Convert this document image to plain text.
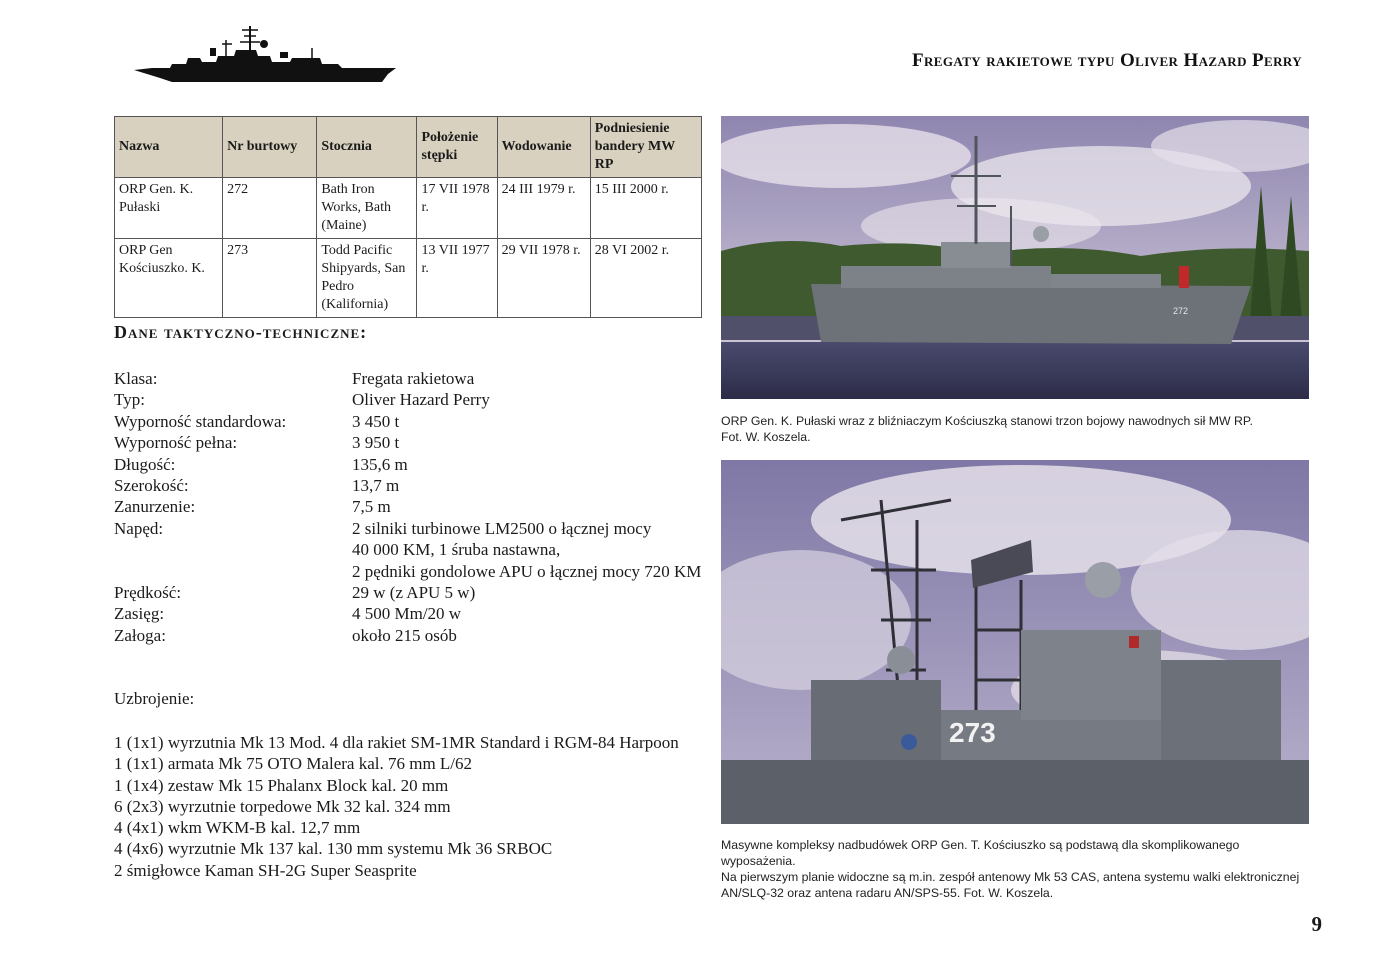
Fregaty rakietowe typu Oliver Hazard Perry
Nazwa	Nr burtowy	Stocznia	Położenie stępki	Wodowanie	Podniesienie bandery MW RP
ORP Gen. K. Pułaski	272	Bath Iron Works, Bath (Maine)	17 VII 1978 r.	24 III 1979 r.	15 III 2000 r.
ORP Gen Kościuszko. K.	273	Todd Pacific Shipyards, San Pedro (Kalifornia)	13 VII 1977 r.	29 VII 1978 r.	28 VI 2002 r.
Dane taktyczno-techniczne:
Klasa:	Fregata rakietowa
Typ:	Oliver Hazard Perry
Wyporność standardowa:	3 450 t
Wyporność pełna:	3 950 t
Długość:	135,6 m
Szerokość:	13,7 m
Zanurzenie:	7,5 m
Napęd:	2 silniki turbinowe LM2500 o łącznej mocy
40 000 KM, 1 śruba nastawna,
2 pędniki gondolowe APU o łącznej mocy 720 KM
Prędkość:	29 w (z APU 5 w)
Zasięg:	4 500 Mm/20 w
Załoga:	około 215 osób
Uzbrojenie:
1 (1x1) wyrzutnia Mk 13 Mod. 4 dla rakiet SM-1MR Standard i RGM-84 Harpoon
1 (1x1) armata Mk 75 OTO Malera kal. 76 mm L/62
1 (1x4) zestaw Mk 15 Phalanx Block kal. 20 mm
6 (2x3) wyrzutnie torpedowe Mk 32 kal. 324 mm
4 (4x1) wkm WKM-B kal. 12,7 mm
4 (4x6) wyrzutnie Mk 137 kal. 130 mm systemu Mk 36 SRBOC
2 śmigłowce Kaman SH-2G Super Seasprite
272
ORP Gen. K. Pułaski wraz z bliźniaczym Kościuszką stanowi trzon bojowy nawodnych sił MW RP.
Fot. W. Koszela.
273
Masywne kompleksy nadbudówek ORP Gen. T. Kościuszko są podstawą dla skomplikowanego wyposażenia.
Na pierwszym planie widoczne są m.in. zespół antenowy Mk 53 CAS, antena systemu walki elektronicznej AN/SLQ-32 oraz antena radaru AN/SPS-55. Fot. W. Koszela.
9
